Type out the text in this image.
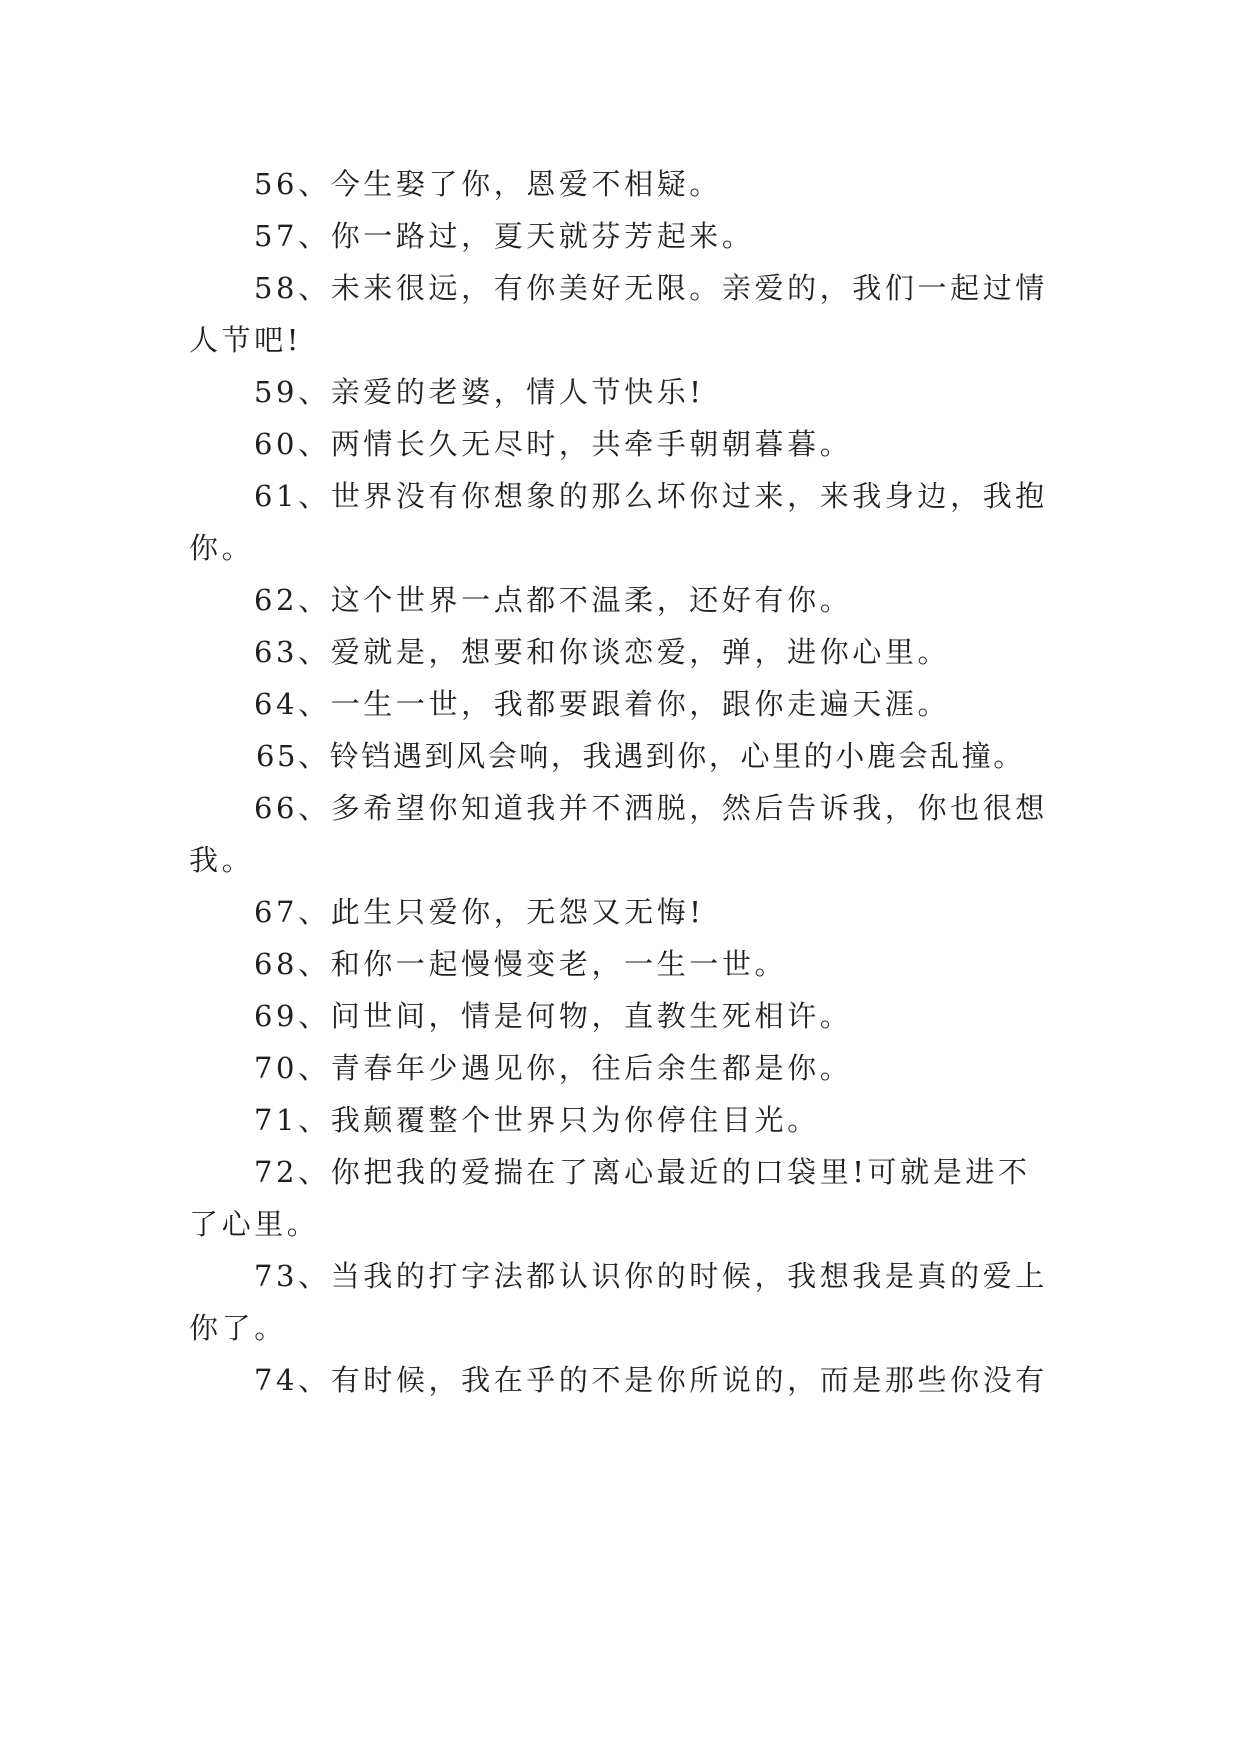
56、今生娶了你，恩爱不相疑。
57、你一路过，夏天就芬芳起来。
58、未来很远，有你美好无限。亲爱的，我们一起过情
人节吧!
59、亲爱的老婆，情人节快乐!
60、两情长久无尽时，共牵手朝朝暮暮。
61、世界没有你想象的那么坏你过来，来我身边，我抱
你。
62、这个世界一点都不温柔，还好有你。
63、爱就是，想要和你谈恋爱，弹，进你心里。
64、一生一世，我都要跟着你，跟你走遍天涯。
65、铃铛遇到风会响，我遇到你，心里的小鹿会乱撞。
66、多希望你知道我并不洒脱，然后告诉我，你也很想
我。
67、此生只爱你，无怨又无悔!
68、和你一起慢慢变老，一生一世。
69、问世间，情是何物，直教生死相许。
70、青春年少遇见你，往后余生都是你。
71、我颠覆整个世界只为你停住目光。
72、你把我的爱揣在了离心最近的口袋里!可就是进不
了心里。
73、当我的打字法都认识你的时候，我想我是真的爱上
你了。
74、有时候，我在乎的不是你所说的，而是那些你没有
